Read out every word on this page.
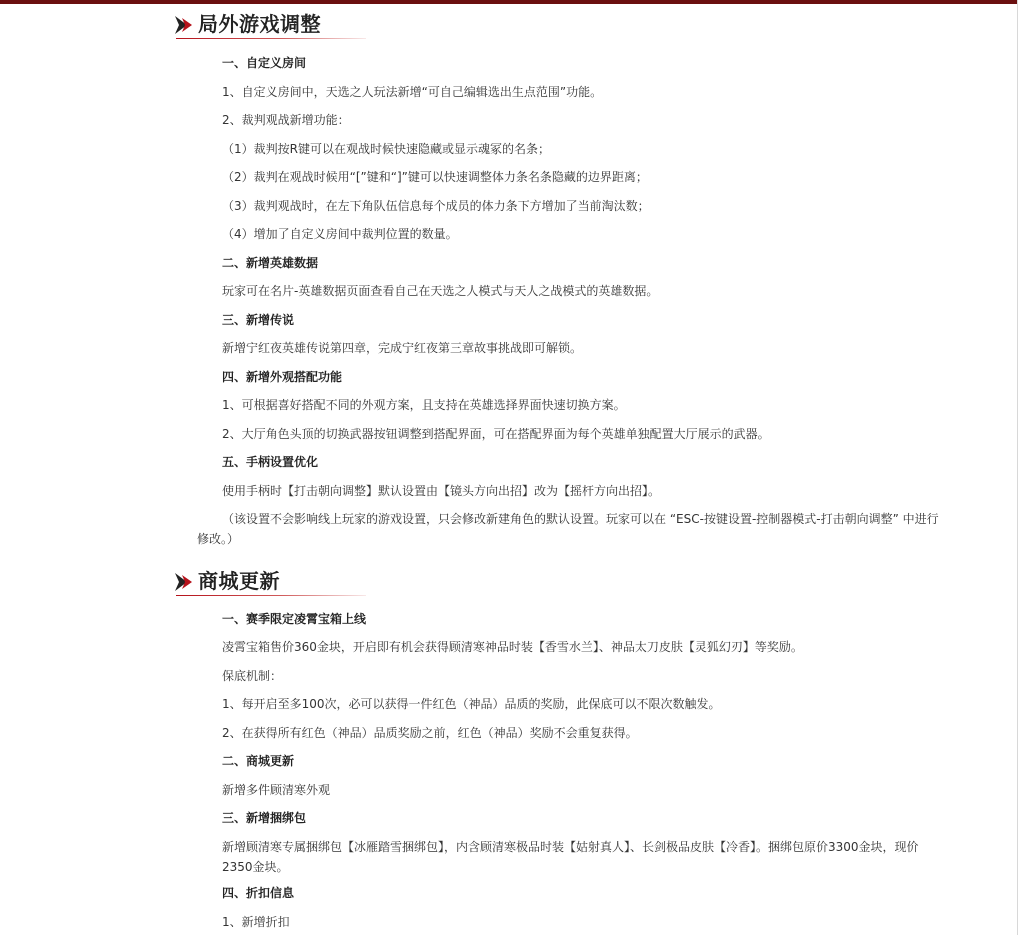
局外游戏调整
一、自定义房间
1、自定义房间中，天选之人玩法新增“可自己编辑选出生点范围”功能。
2、裁判观战新增功能：
（1）裁判按R键可以在观战时候快速隐藏或显示魂冢的名条；
（2）裁判在观战时候用“[”键和“]”键可以快速调整体力条名条隐藏的边界距离；
（3）裁判观战时，在左下角队伍信息每个成员的体力条下方增加了当前淘汰数；
（4）增加了自定义房间中裁判位置的数量。
二、新增英雄数据
玩家可在名片-英雄数据页面查看自己在天选之人模式与天人之战模式的英雄数据。
三、新增传说
新增宁红夜英雄传说第四章，完成宁红夜第三章故事挑战即可解锁。
四、新增外观搭配功能
1、可根据喜好搭配不同的外观方案，且支持在英雄选择界面快速切换方案。
2、大厅角色头顶的切换武器按钮调整到搭配界面，可在搭配界面为每个英雄单独配置大厅展示的武器。
五、手柄设置优化
使用手柄时【打击朝向调整】默认设置由【镜头方向出招】改为【摇杆方向出招】。
（该设置不会影响线上玩家的游戏设置，只会修改新建角色的默认设置。玩家可以在 “ESC-按键设置-控制器模式-打击朝向调整” 中进行修改。）
商城更新
一、赛季限定凌霄宝箱上线
凌霄宝箱售价360金块，开启即有机会获得顾清寒神品时装【香雪水兰】、神品太刀皮肤【灵狐幻刃】等奖励。
保底机制：
1、每开启至多100次，必可以获得一件红色（神品）品质的奖励，此保底可以不限次数触发。
2、在获得所有红色（神品）品质奖励之前，红色（神品）奖励不会重复获得。
二、商城更新
新增多件顾清寒外观
三、新增捆绑包
新增顾清寒专属捆绑包【冰雁踏雪捆绑包】，内含顾清寒极品时装【姑射真人】、长剑极品皮肤【冷香】。捆绑包原价3300金块，现价2350金块。
四、折扣信息
1、新增折扣
